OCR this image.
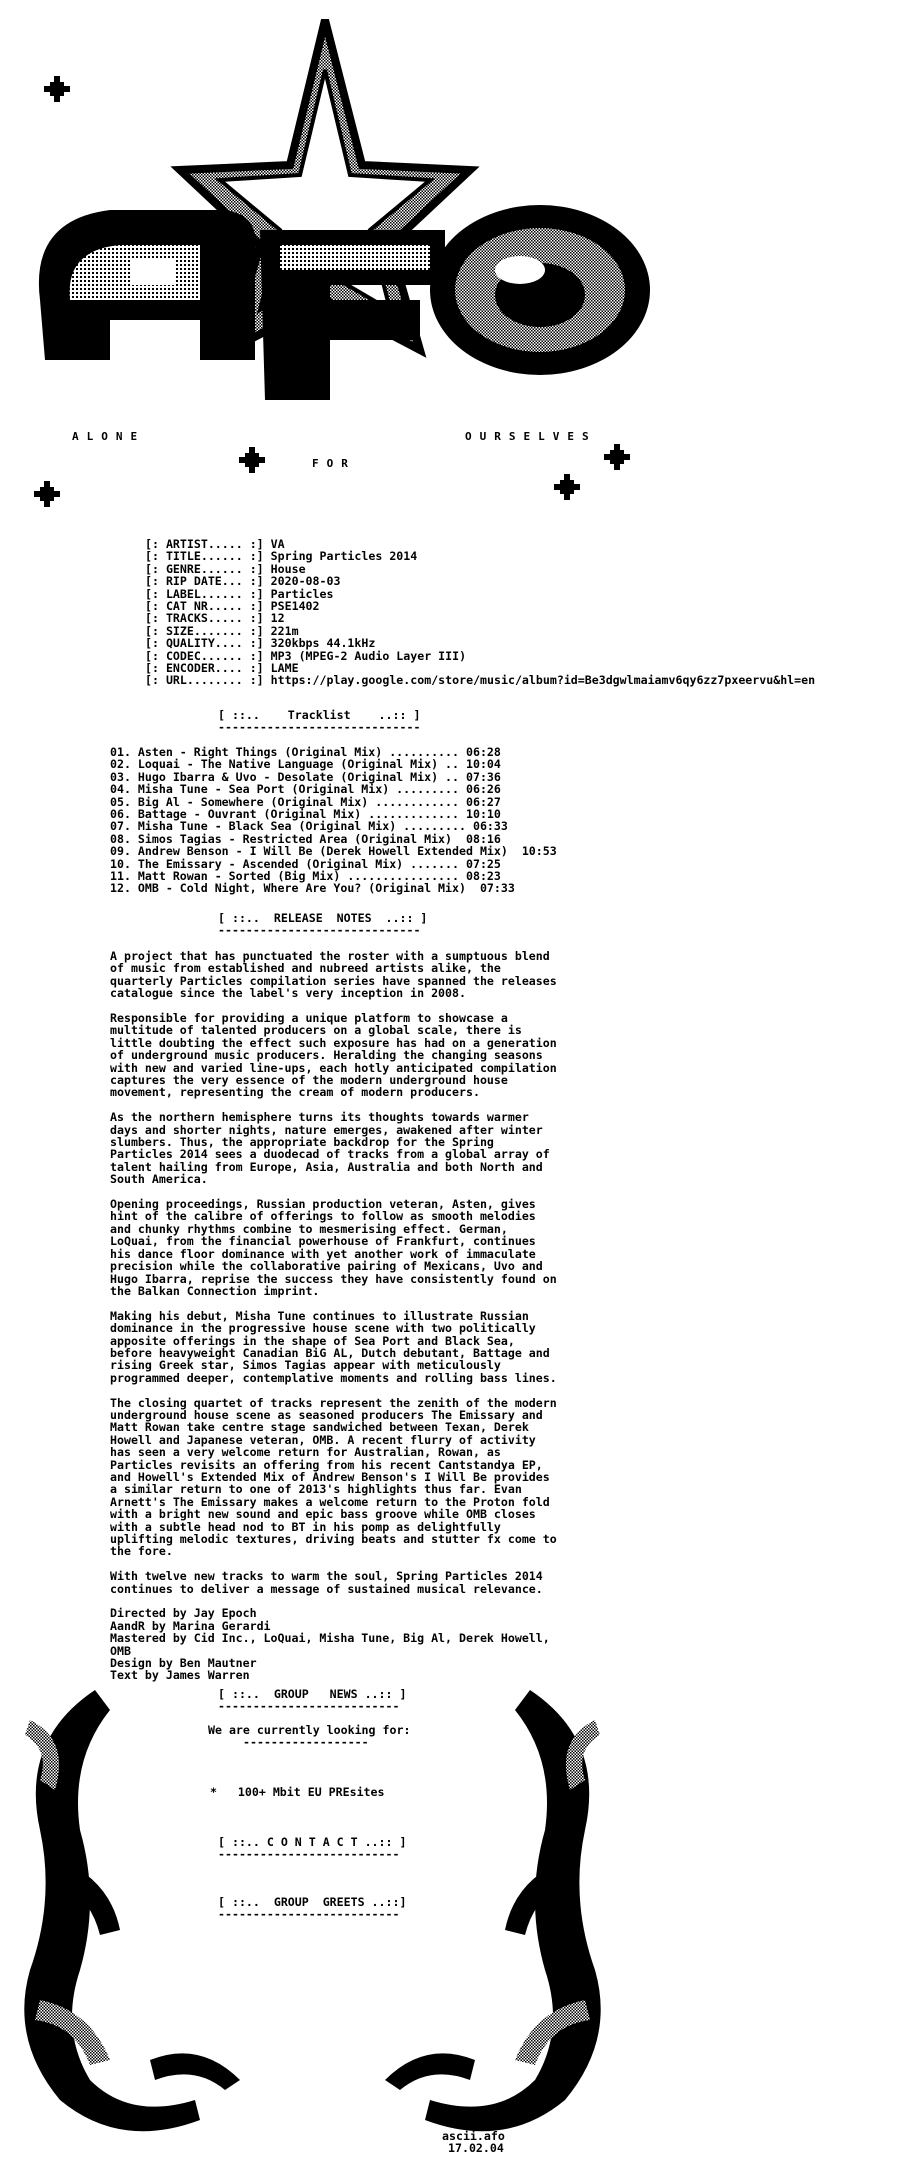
ALONE
FOR
OURSELVES
[: ARTIST..... :] VA
[: TITLE...... :] Spring Particles 2014
[: GENRE...... :] House
[: RIP DATE... :] 2020-08-03
[: LABEL...... :] Particles
[: CAT NR..... :] PSE1402
[: TRACKS..... :] 12
[: SIZE....... :] 221m
[: QUALITY.... :] 320kbps 44.1kHz
[: CODEC...... :] MP3 (MPEG-2 Audio Layer III)
[: ENCODER.... :] LAME
[: URL........ :] https://play.google.com/store/music/album?id=Be3dgwlmaiamv6qy6zz7pxeervu&hl=en
[ ::..    Tracklist    ..:: ]
-----------------------------
01. Asten - Right Things (Original Mix) .......... 06:28
02. Loquai - The Native Language (Original Mix) .. 10:04
03. Hugo Ibarra & Uvo - Desolate (Original Mix) .. 07:36
04. Misha Tune - Sea Port (Original Mix) ......... 06:26
05. Big Al - Somewhere (Original Mix) ............ 06:27
06. Battage - Ouvrant (Original Mix) ............. 10:10
07. Misha Tune - Black Sea (Original Mix) ......... 06:33
08. Simos Tagias - Restricted Area (Original Mix)  08:16
09. Andrew Benson - I Will Be (Derek Howell Extended Mix)  10:53
10. The Emissary - Ascended (Original Mix) ....... 07:25
11. Matt Rowan - Sorted (Big Mix) ................ 08:23
12. OMB - Cold Night, Where Are You? (Original Mix)  07:33
[ ::..  RELEASE  NOTES  ..:: ]
-----------------------------
A project that has punctuated the roster with a sumptuous blend
of music from established and nubreed artists alike, the
quarterly Particles compilation series have spanned the releases
catalogue since the label's very inception in 2008.
Responsible for providing a unique platform to showcase a
multitude of talented producers on a global scale, there is
little doubting the effect such exposure has had on a generation
of underground music producers. Heralding the changing seasons
with new and varied line-ups, each hotly anticipated compilation
captures the very essence of the modern underground house
movement, representing the cream of modern producers.
As the northern hemisphere turns its thoughts towards warmer
days and shorter nights, nature emerges, awakened after winter
slumbers. Thus, the appropriate backdrop for the Spring
Particles 2014 sees a duodecad of tracks from a global array of
talent hailing from Europe, Asia, Australia and both North and
South America.
Opening proceedings, Russian production veteran, Asten, gives
hint of the calibre of offerings to follow as smooth melodies
and chunky rhythms combine to mesmerising effect. German,
LoQuai, from the financial powerhouse of Frankfurt, continues
his dance floor dominance with yet another work of immaculate
precision while the collaborative pairing of Mexicans, Uvo and
Hugo Ibarra, reprise the success they have consistently found on
the Balkan Connection imprint.
Making his debut, Misha Tune continues to illustrate Russian
dominance in the progressive house scene with two politically
apposite offerings in the shape of Sea Port and Black Sea,
before heavyweight Canadian BiG AL, Dutch debutant, Battage and
rising Greek star, Simos Tagias appear with meticulously
programmed deeper, contemplative moments and rolling bass lines.
The closing quartet of tracks represent the zenith of the modern
underground house scene as seasoned producers The Emissary and
Matt Rowan take centre stage sandwiched between Texan, Derek
Howell and Japanese veteran, OMB. A recent flurry of activity
has seen a very welcome return for Australian, Rowan, as
Particles revisits an offering from his recent Cantstandya EP,
and Howell's Extended Mix of Andrew Benson's I Will Be provides
a similar return to one of 2013's highlights thus far. Evan
Arnett's The Emissary makes a welcome return to the Proton fold
with a bright new sound and epic bass groove while OMB closes
with a subtle head nod to BT in his pomp as delightfully
uplifting melodic textures, driving beats and stutter fx come to
the fore.
With twelve new tracks to warm the soul, Spring Particles 2014
continues to deliver a message of sustained musical relevance.
Directed by Jay Epoch
AandR by Marina Gerardi
Mastered by Cid Inc., LoQuai, Misha Tune, Big Al, Derek Howell,
OMB
Design by Ben Mautner
Text by James Warren
[ ::..  GROUP   NEWS ..:: ]
--------------------------
We are currently looking for:
------------------
*   100+ Mbit EU PREsites
[ ::.. C O N T A C T ..:: ]
--------------------------
[ ::..  GROUP  GREETS ..::]
--------------------------
ascii.afo
17.02.04
